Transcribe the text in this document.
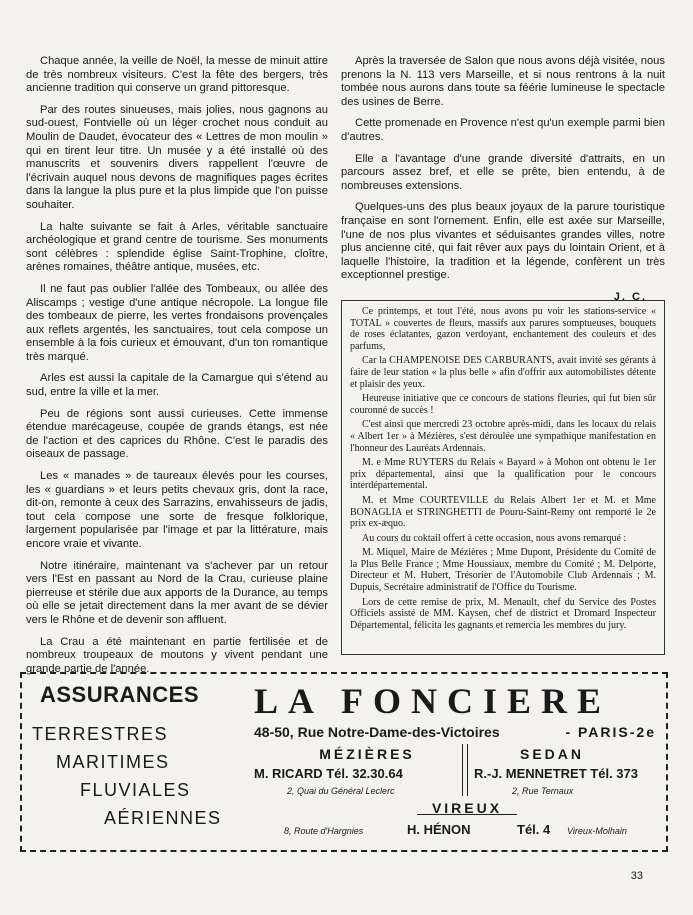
Chaque année, la veille de Noël, la messe de minuit attire de très nombreux visiteurs. C'est la fête des bergers, très ancienne tradition qui conserve un grand pittoresque.

Par des routes sinueuses, mais jolies, nous gagnons au sud-ouest, Fontvielle où un léger crochet nous conduit au Moulin de Daudet, évocateur des « Lettres de mon moulin » qui en tirent leur titre. Un musée y a été installé où des manuscrits et souvenirs divers rappellent l'œuvre de l'écrivain auquel nous devons de magnifiques pages écrites dans la langue la plus pure et la plus limpide que l'on puisse souhaiter.

La halte suivante se fait à Arles, véritable sanctuaire archéologique et grand centre de tourisme. Ses monuments sont célèbres : splendide église Saint-Trophine, cloître, arènes romaines, théâtre antique, musées, etc.

Il ne faut pas oublier l'allée des Tombeaux, ou allée des Aliscamps ; vestige d'une antique nécropole. La longue file des tombeaux de pierre, les vertes frondaisons provençales aux reflets argentés, les sanctuaires, tout cela compose un ensemble à la fois curieux et émouvant, d'un ton romantique très marqué.

Arles est aussi la capitale de la Camargue qui s'étend au sud, entre la ville et la mer.

Peu de régions sont aussi curieuses. Cette immense étendue marécageuse, coupée de grands étangs, est née de l'action et des caprices du Rhône. C'est le paradis des oiseaux de passage.

Les « manades » de taureaux élevés pour les courses, les « guardians » et leurs petits chevaux gris, dont la race, dit-on, remonte à ceux des Sarrazins, envahisseurs de jadis, tout cela compose une sorte de fresque folklorique, largement popularisée par l'image et par la littérature, mais encore vraie et vivante.

Notre itinéraire, maintenant va s'achever par un retour vers l'Est en passant au Nord de la Crau, curieuse plaine pierreuse et stérile due aux apports de la Durance, au temps où elle se jetait directement dans la mer avant de se dévier vers le Rhône et de devenir son affluent.

La Crau a été maintenant en partie fertilisée et de nombreux troupeaux de moutons y vivent pendant une grande partie de l'année.

Après la traversée de Salon que nous avons déjà visitée, nous prenons la N. 113 vers Marseille, et si nous rentrons à la nuit tombée nous aurons dans toute sa féérie lumineuse le spectacle des usines de Berre.

Cette promenade en Provence n'est qu'un exemple parmi bien d'autres.

Elle a l'avantage d'une grande diversité d'attraits, en un parcours assez bref, et elle se prête, bien entendu, à de nombreuses extensions.

Quelques-uns des plus beaux joyaux de la parure touristique française en sont l'ornement. Enfin, elle est axée sur Marseille, l'une de nos plus vivantes et séduisantes grandes villes, notre plus ancienne cité, qui fait rêver aux pays du lointain Orient, et à laquelle l'histoire, la tradition et la légende, confèrent un très exceptionnel prestige.

J. C.

Ce printemps, et tout l'été, nous avons pu voir les stations-service « TOTAL » couvertes de fleurs, massifs aux parures somptueuses, bouquets de roses éclatantes, gazon verdoyant, enchantement des couleurs et des parfums,

Car la CHAMPENOISE DES CARBURANTS, avait invité ses gérants à faire de leur station « la plus belle » afin d'offrir aux automobilistes détente et plaisir des yeux.

Heureuse initiative que ce concours de stations fleuries, qui fut bien sûr couronné de succès !

C'est ainsi que mercredi 23 octobre après-midi, dans les locaux du relais « Albert 1er » à Mézières, s'est déroulée une sympathique manifestation en l'honneur des Lauréats Ardennais.

M. e Mme RUYTERS du Relais « Bayard » à Mohon ont obtenu le 1er prix départemental, ainsi que la qualification pour le concours interdépartemental.

M. et Mme COURTEVILLE du Relais Albert 1er et M. et Mme BONAGLIA et STRINGHETTI de Pouru-Saint-Remy ont remporté le 2e prix ex-æquo.

Au cours du coktail offert à cette occasion, nous avons remarqué :

M. Miquel, Maire de Mézières ; Mme Dupont, Présidente du Comité de la Plus Belle France ; Mme Houssiaux, membre du Comité ; M. Delporte, Directeur et M. Hubert, Trésorier de l'Automobile Club Ardennais ; M. Dupuis, Secrétaire administratif de l'Office du Tourisme.

Lors de cette remise de prix, M. Menault, chef du Service des Postes Officiels assisté de MM. Kaysen, chef de district et Dromard Inspecteur Départemental, félicita les gagnants et remercia les membres du jury.

ASSURANCES
TERRESTRES
MARITIMES
FLUVIALES
AÉRIENNES
LA FONCIERE
48-50, Rue Notre-Dame-des-Victoires	- PARIS-2e
MÉZIÈRES
M. RICARD Tél. 32.30.64
2, Quai du Général Leclerc
SEDAN
R.-J. MENNETRET Tél. 373
2, Rue Ternaux
VIREUX
8, Route d'Hargnies	H. HÉNON	Tél. 4 Vireux-Molhain
33
